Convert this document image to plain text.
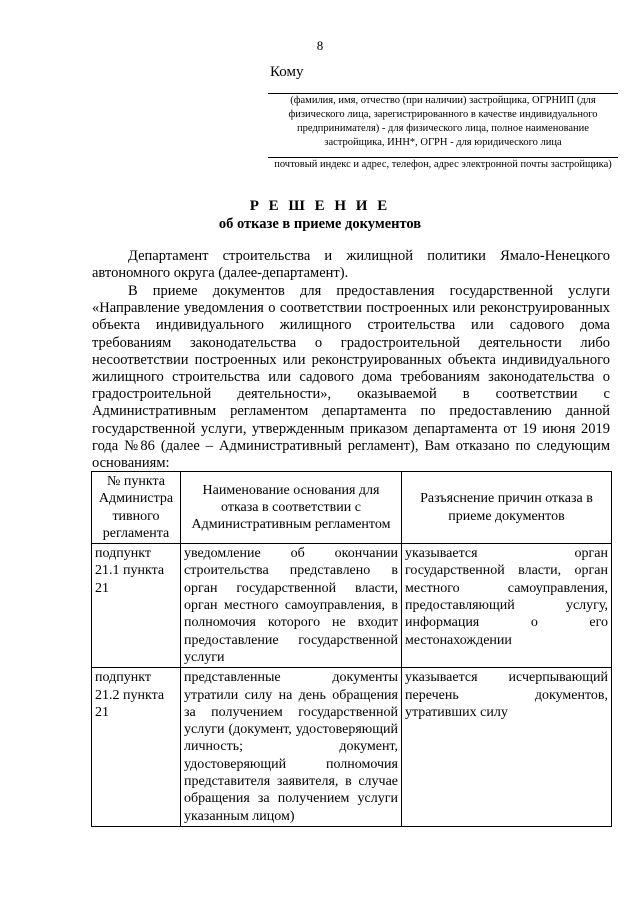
8
Кому
(фамилия, имя, отчество (при наличии) застройщика, ОГРНИП (для физического лица, зарегистрированного в качестве индивидуального предпринимателя) - для физического лица, полное наименование застройщика, ИНН*, ОГРН - для юридического лица
почтовый индекс и адрес, телефон, адрес электронной почты застройщика)
Р Е Ш Е Н И Е
об отказе в приеме документов
Департамент строительства и жилищной политики Ямало-Ненецкого автономного округа (далее-департамент).
В приеме документов для предоставления государственной услуги «Направление уведомления о соответствии построенных или реконструированных объекта индивидуального жилищного строительства или садового дома требованиям законодательства о градостроительной деятельности либо несоответствии построенных или реконструированных объекта индивидуального жилищного строительства или садового дома требованиям законодательства о градостроительной деятельности», оказываемой в соответствии с Административным регламентом департамента по предоставлению данной государственной услуги, утвержденным приказом департамента от 19 июня 2019 года №86 (далее – Административный регламент), Вам отказано по следующим основаниям:
№ пункта Администра тивного регламента	Наименование основания для отказа в соответствии с Административным регламентом	Разъяснение причин отказа в приеме документов
подпункт 21.1 пункта 21	уведомление об окончании строительства представлено в орган государственной власти, орган местного самоуправления, в полномочия которого не входит предоставление государственной услуги	указывается орган государственной власти, орган местного самоуправления, предоставляющий услугу, информация о его местонахождении
подпункт 21.2 пункта 21	представленные документы утратили силу на день обращения за получением государственной услуги (документ, удостоверяющий личность; документ, удостоверяющий полномочия представителя заявителя, в случае обращения за получением услуги указанным лицом)	указывается исчерпывающий перечень документов, утративших силу
